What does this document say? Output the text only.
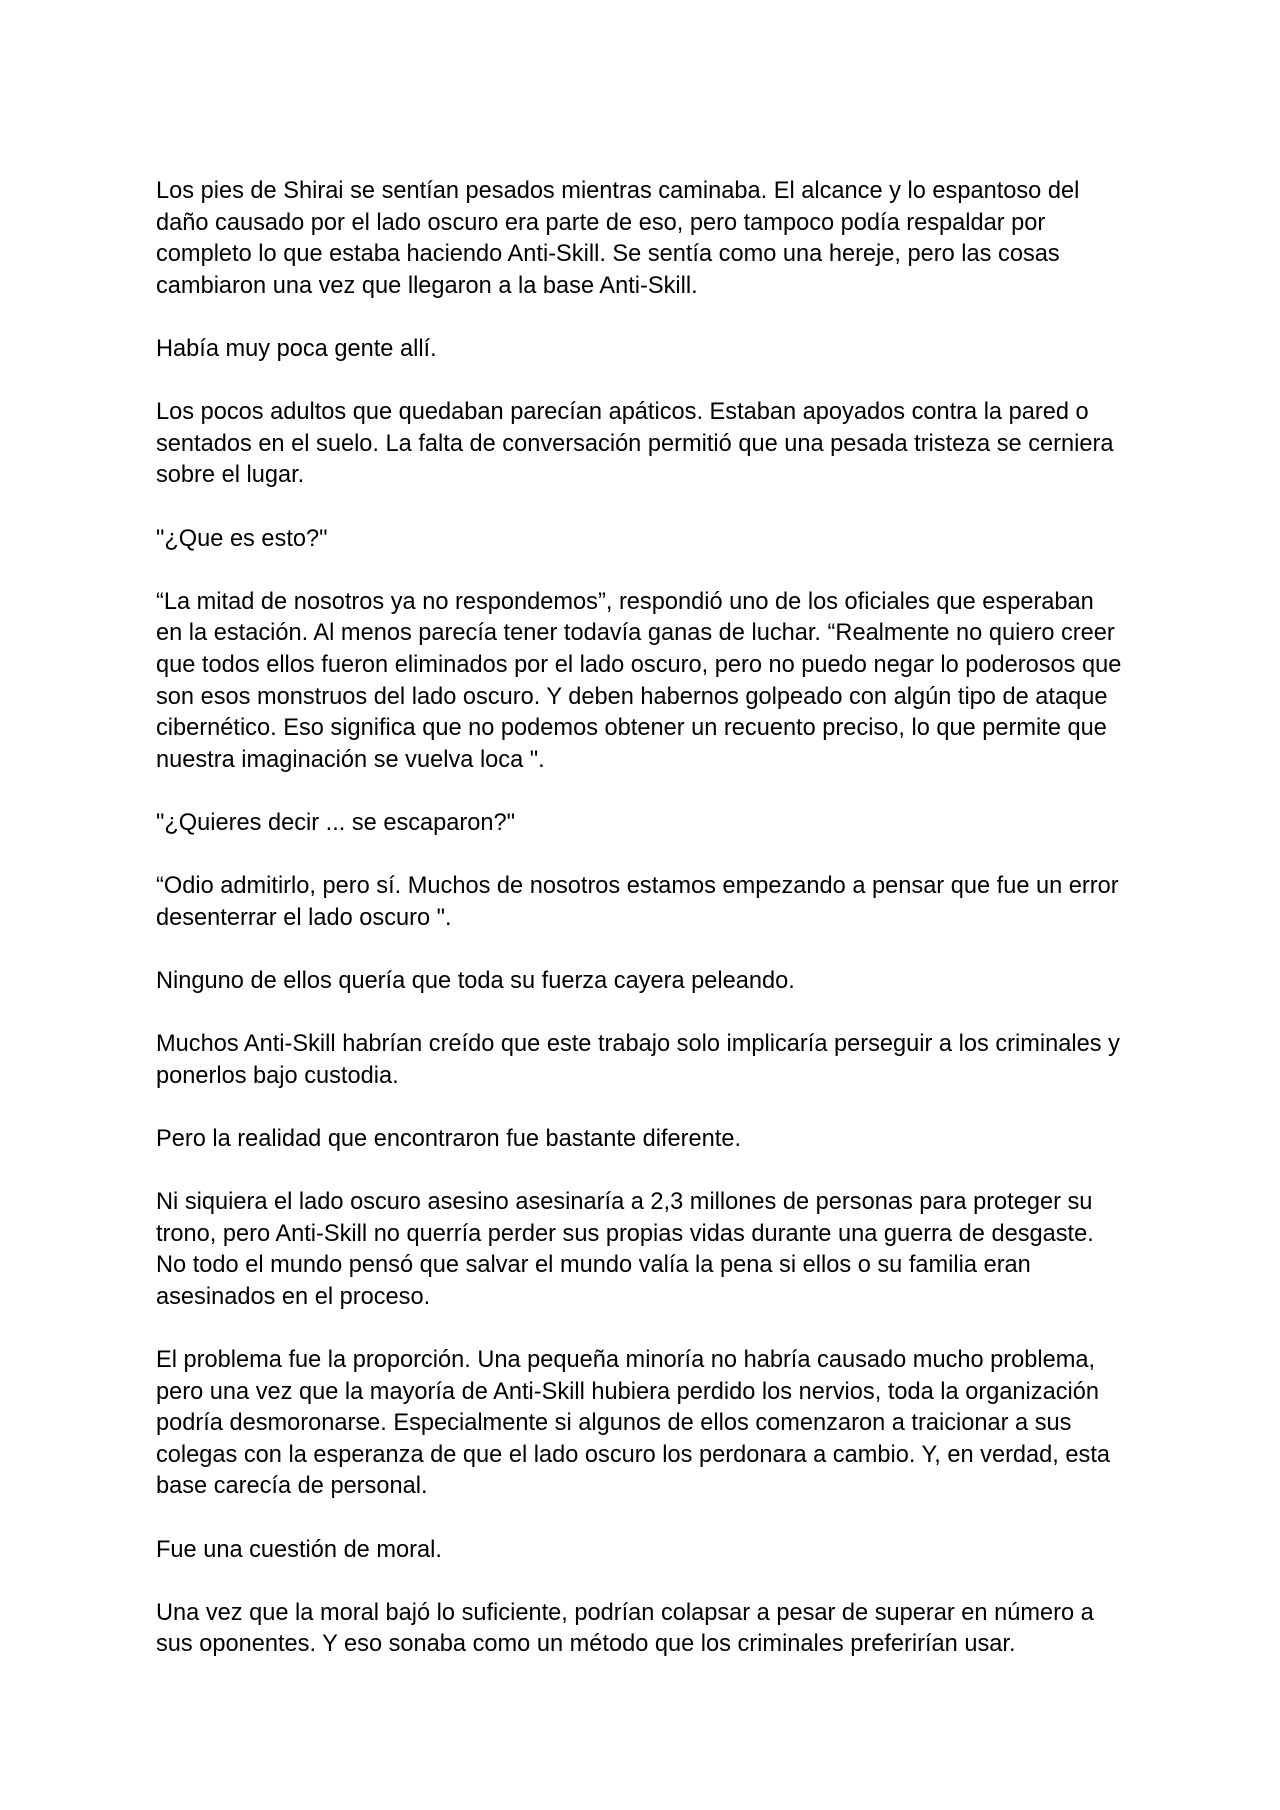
Los pies de Shirai se sentían pesados mientras caminaba. El alcance y lo espantoso del daño causado por el lado oscuro era parte de eso, pero tampoco podía respaldar por completo lo que estaba haciendo Anti-Skill. Se sentía como una hereje, pero las cosas cambiaron una vez que llegaron a la base Anti-Skill.

Había muy poca gente allí.

Los pocos adultos que quedaban parecían apáticos. Estaban apoyados contra la pared o sentados en el suelo. La falta de conversación permitió que una pesada tristeza se cerniera sobre el lugar.

"¿Que es esto?"

“La mitad de nosotros ya no respondemos”, respondió uno de los oficiales que esperaban en la estación. Al menos parecía tener todavía ganas de luchar. “Realmente no quiero creer que todos ellos fueron eliminados por el lado oscuro, pero no puedo negar lo poderosos que son esos monstruos del lado oscuro. Y deben habernos golpeado con algún tipo de ataque cibernético. Eso significa que no podemos obtener un recuento preciso, lo que permite que nuestra imaginación se vuelva loca ".

"¿Quieres decir ... se escaparon?"

“Odio admitirlo, pero sí. Muchos de nosotros estamos empezando a pensar que fue un error desenterrar el lado oscuro ".

Ninguno de ellos quería que toda su fuerza cayera peleando.

Muchos Anti-Skill habrían creído que este trabajo solo implicaría perseguir a los criminales y ponerlos bajo custodia.

Pero la realidad que encontraron fue bastante diferente.

Ni siquiera el lado oscuro asesino asesinaría a 2,3 millones de personas para proteger su trono, pero Anti-Skill no querría perder sus propias vidas durante una guerra de desgaste. No todo el mundo pensó que salvar el mundo valía la pena si ellos o su familia eran asesinados en el proceso.

El problema fue la proporción. Una pequeña minoría no habría causado mucho problema, pero una vez que la mayoría de Anti-Skill hubiera perdido los nervios, toda la organización podría desmoronarse. Especialmente si algunos de ellos comenzaron a traicionar a sus colegas con la esperanza de que el lado oscuro los perdonara a cambio. Y, en verdad, esta base carecía de personal.

Fue una cuestión de moral.

Una vez que la moral bajó lo suficiente, podrían colapsar a pesar de superar en número a sus oponentes. Y eso sonaba como un método que los criminales preferirían usar.
